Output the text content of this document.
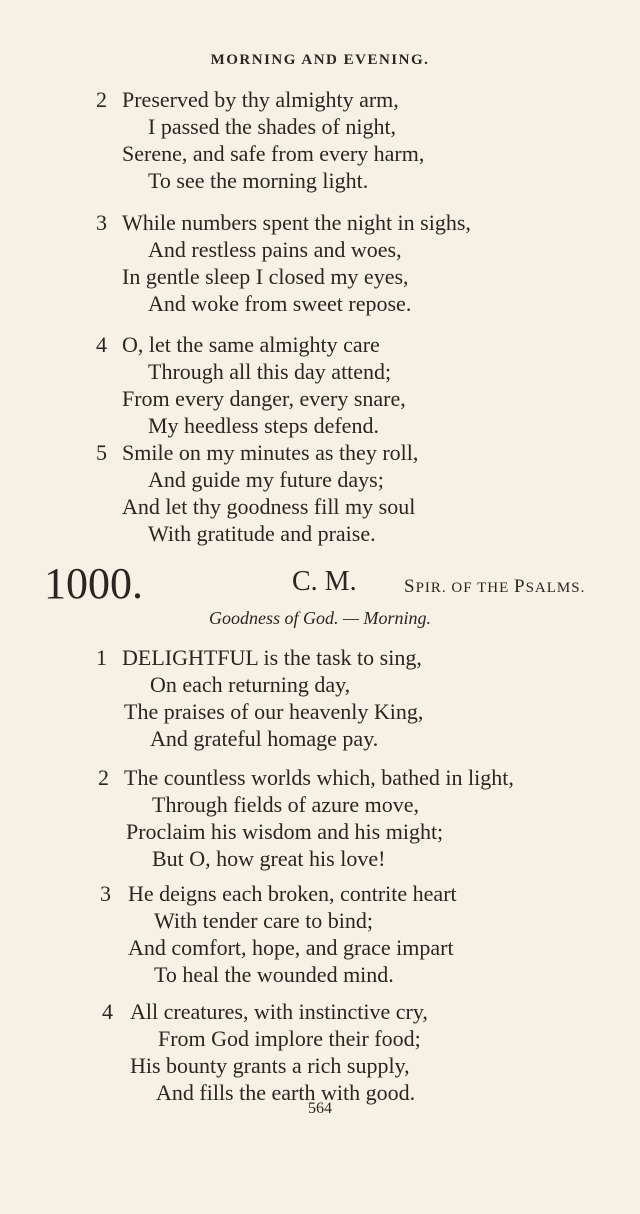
MORNING AND EVENING.
2 Preserved by thy almighty arm,
I passed the shades of night,
Serene, and safe from every harm,
To see the morning light.
3 While numbers spent the night in sighs,
And restless pains and woes,
In gentle sleep I closed my eyes,
And woke from sweet repose.
4 O, let the same almighty care
Through all this day attend;
From every danger, every snare,
My heedless steps defend.
5 Smile on my minutes as they roll,
And guide my future days;
And let thy goodness fill my soul
With gratitude and praise.
1000.	C. M. SPIR. OF THE PSALMS.
Goodness of God. — Morning.
1 DELIGHTFUL is the task to sing,
On each returning day,
The praises of our heavenly King,
And grateful homage pay.
2 The countless worlds which, bathed in light,
Through fields of azure move,
Proclaim his wisdom and his might;
But O, how great his love!
3 He deigns each broken, contrite heart
With tender care to bind;
And comfort, hope, and grace impart
To heal the wounded mind.
4 All creatures, with instinctive cry,
From God implore their food;
His bounty grants a rich supply,
And fills the earth with good.
564
